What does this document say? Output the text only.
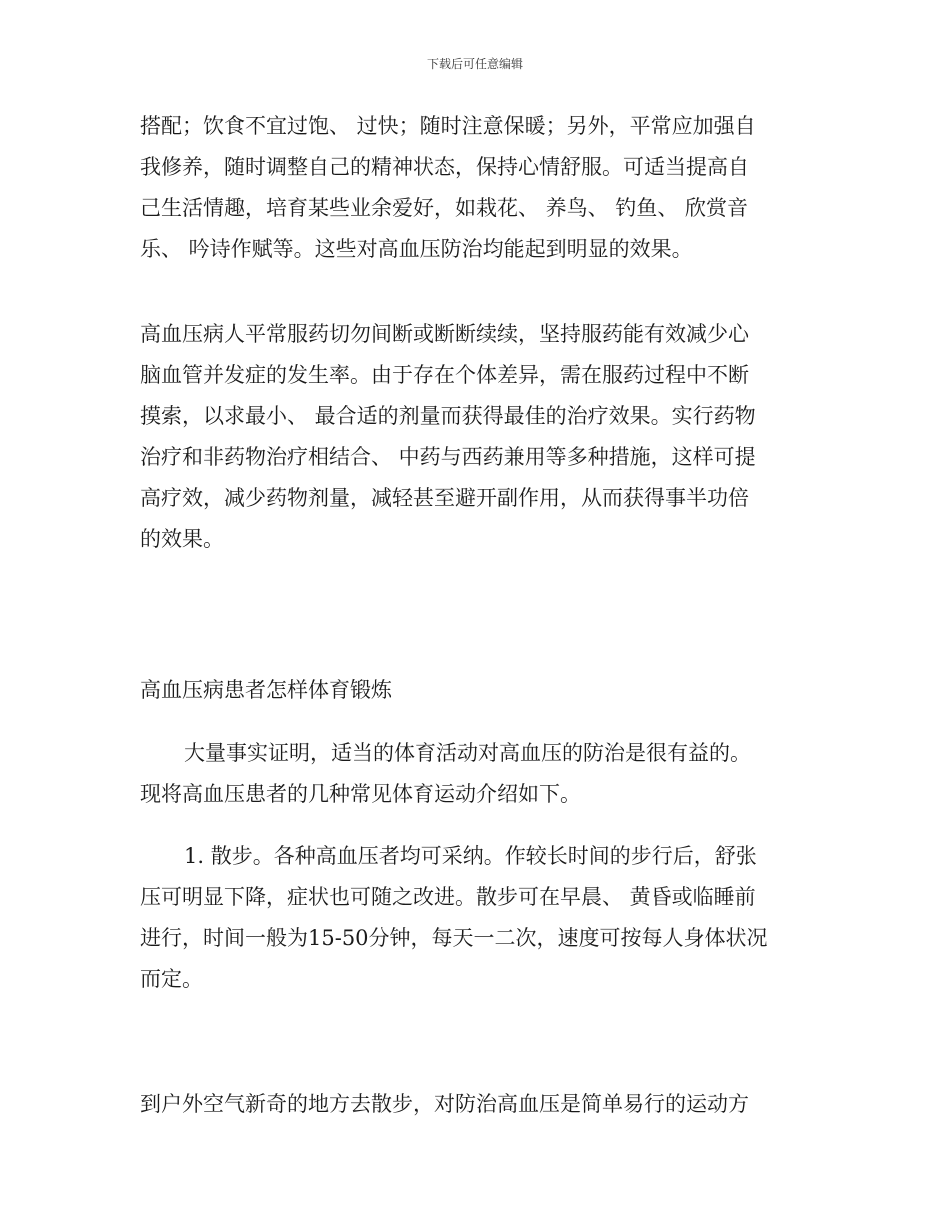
下载后可任意编辑
搭配；饮食不宜过饱、 过快；随时注意保暖；另外，平常应加强自
我修养，随时调整自己的精神状态，保持心情舒服。可适当提高自
己生活情趣，培育某些业余爱好，如栽花、 养鸟、 钓鱼、 欣赏音
乐、 吟诗作赋等。这些对高血压防治均能起到明显的效果。
高血压病人平常服药切勿间断或断断续续，坚持服药能有效减少心
脑血管并发症的发生率。由于存在个体差异，需在服药过程中不断
摸索，以求最小、 最合适的剂量而获得最佳的治疗效果。实行药物
治疗和非药物治疗相结合、 中药与西药兼用等多种措施，这样可提
高疗效，减少药物剂量，减轻甚至避开副作用，从而获得事半功倍
的效果。
高血压病患者怎样体育锻炼
大量事实证明，适当的体育活动对高血压的防治是很有益的。
现将高血压患者的几种常见体育运动介绍如下。
1. 散步。各种高血压者均可采纳。作较长时间的步行后，舒张
压可明显下降，症状也可随之改进。散步可在早晨、 黄昏或临睡前
进行，时间一般为15-50分钟，每天一二次，速度可按每人身体状况
而定。
到户外空气新奇的地方去散步，对防治高血压是简单易行的运动方
